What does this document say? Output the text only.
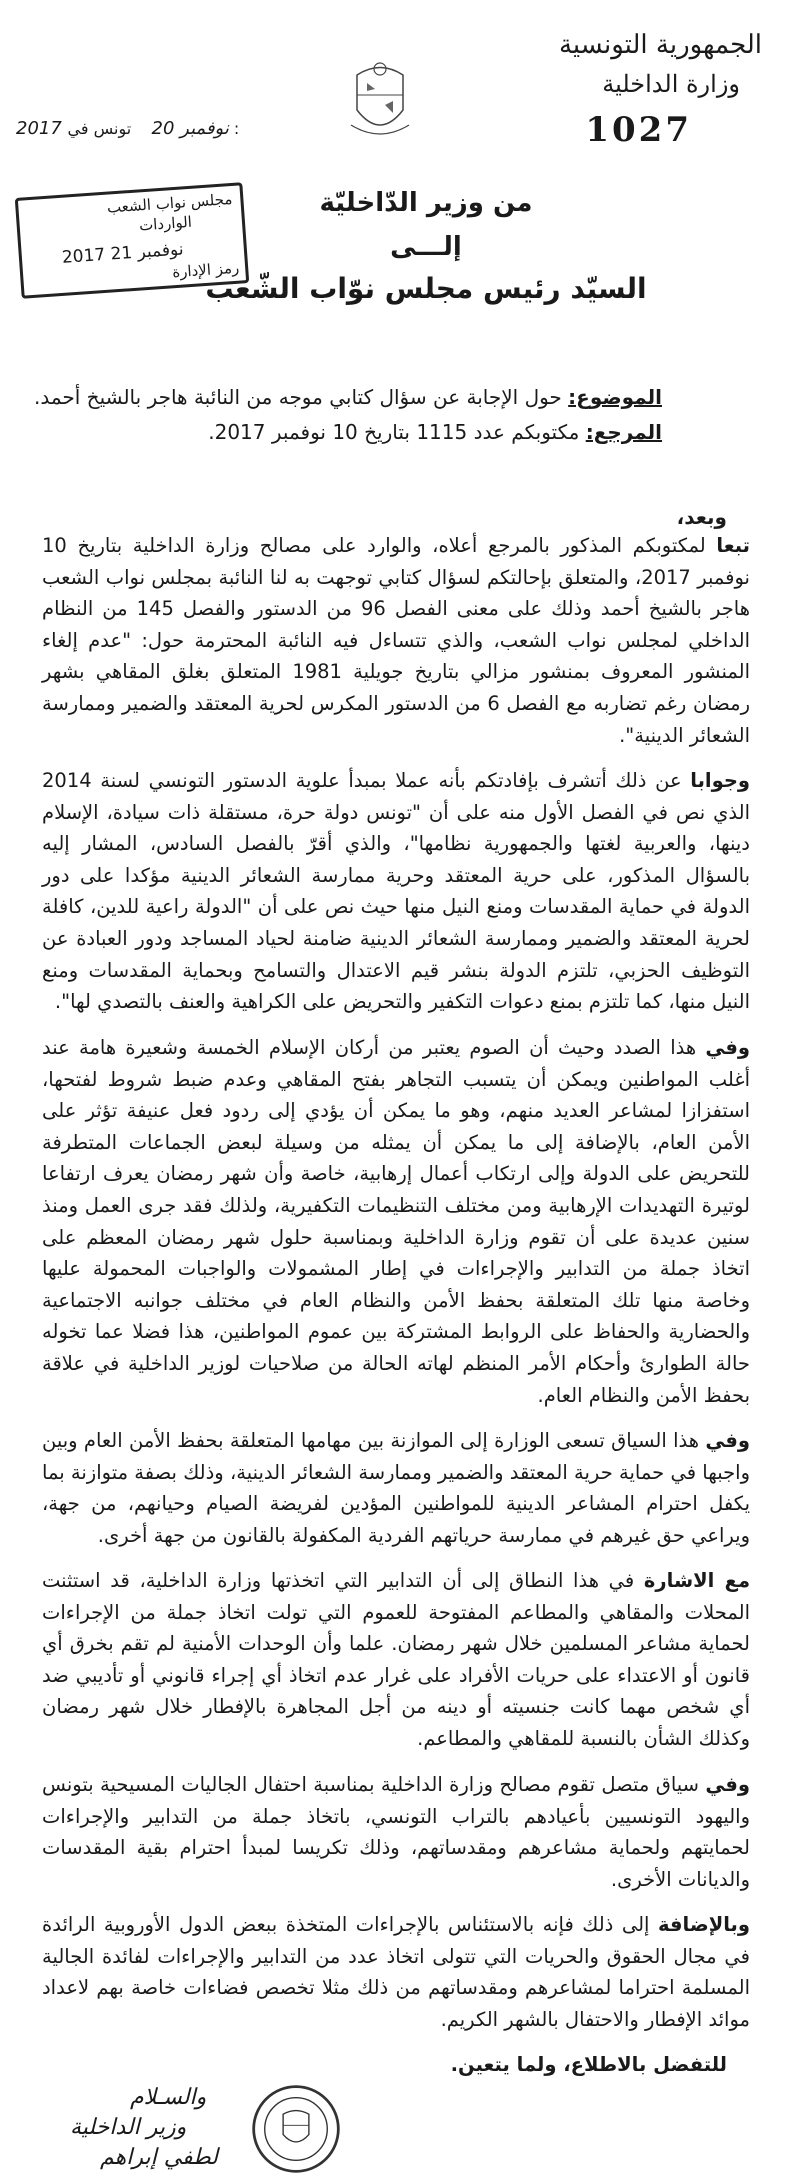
الجمهورية التونسية
وزارة الداخلية
1027
2017 نوفمبر 20    تونس في :
مجلس نواب الشعب
الواردات
2017 نوفمبر 21
رمز الإدارة
من وزير الدّاخليّة
إلـــى
السيّد رئيس مجلس نوّاب الشّعب
الموضوع: حول الإجابة عن سؤال كتابي موجه من النائبة هاجر بالشيخ أحمد.
المرجع: مكتوبكم عدد 1115 بتاريخ 10 نوفمبر 2017.
وبعد،
تبعا لمكتوبكم المذكور بالمرجع أعلاه، والوارد على مصالح وزارة الداخلية بتاريخ 10 نوفمبر 2017، والمتعلق بإحالتكم لسؤال كتابي توجهت به لنا النائبة بمجلس نواب الشعب هاجر بالشيخ أحمد وذلك على معنى الفصل 96 من الدستور والفصل 145 من النظام الداخلي لمجلس نواب الشعب، والذي تتساءل فيه النائبة المحترمة حول: "عدم إلغاء المنشور المعروف بمنشور مزالي بتاريخ جويلية 1981 المتعلق بغلق المقاهي بشهر رمضان رغم تضاربه مع الفصل 6 من الدستور المكرس لحرية المعتقد والضمير وممارسة الشعائر الدينية".
وجوابا عن ذلك أتشرف بإفادتكم بأنه عملا بمبدأ علوية الدستور التونسي لسنة 2014 الذي نص في الفصل الأول منه على أن "تونس دولة حرة، مستقلة ذات سيادة، الإسلام دينها، والعربية لغتها والجمهورية نظامها"، والذي أقرّ بالفصل السادس، المشار إليه بالسؤال المذكور، على حرية المعتقد وحرية ممارسة الشعائر الدينية مؤكدا على دور الدولة في حماية المقدسات ومنع النيل منها حيث نص على أن "الدولة راعية للدين، كافلة لحرية المعتقد والضمير وممارسة الشعائر الدينية ضامنة لحياد المساجد ودور العبادة عن التوظيف الحزبي، تلتزم الدولة بنشر قيم الاعتدال والتسامح وبحماية المقدسات ومنع النيل منها، كما تلتزم بمنع دعوات التكفير والتحريض على الكراهية والعنف بالتصدي لها".
وفي هذا الصدد وحيث أن الصوم يعتبر من أركان الإسلام الخمسة وشعيرة هامة عند أغلب المواطنين ويمكن أن يتسبب التجاهر بفتح المقاهي وعدم ضبط شروط لفتحها، استفزازا لمشاعر العديد منهم، وهو ما يمكن أن يؤدي إلى ردود فعل عنيفة تؤثر على الأمن العام، بالإضافة إلى ما يمكن أن يمثله من وسيلة لبعض الجماعات المتطرفة للتحريض على الدولة وإلى ارتكاب أعمال إرهابية، خاصة وأن شهر رمضان يعرف ارتفاعا لوتيرة التهديدات الإرهابية ومن مختلف التنظيمات التكفيرية، ولذلك فقد جرى العمل ومنذ سنين عديدة على أن تقوم وزارة الداخلية وبمناسبة حلول شهر رمضان المعظم على اتخاذ جملة من التدابير والإجراءات في إطار المشمولات والواجبات المحمولة عليها وخاصة منها تلك المتعلقة بحفظ الأمن والنظام العام في مختلف جوانبه الاجتماعية والحضارية والحفاظ على الروابط المشتركة بين عموم المواطنين، هذا فضلا عما تخوله حالة الطوارئ وأحكام الأمر المنظم لهاته الحالة من صلاحيات لوزير الداخلية في علاقة بحفظ الأمن والنظام العام.
وفي هذا السياق تسعى الوزارة إلى الموازنة بين مهامها المتعلقة بحفظ الأمن العام وبين واجبها في حماية حرية المعتقد والضمير وممارسة الشعائر الدينية، وذلك بصفة متوازنة بما يكفل احترام المشاعر الدينية للمواطنين المؤدين لفريضة الصيام وحيانهم، من جهة، ويراعي حق غيرهم في ممارسة حرياتهم الفردية المكفولة بالقانون من جهة أخرى.
مع الاشارة في هذا النطاق إلى أن التدابير التي اتخذتها وزارة الداخلية، قد استثنت المحلات والمقاهي والمطاعم المفتوحة للعموم التي تولت اتخاذ جملة من الإجراءات لحماية مشاعر المسلمين خلال شهر رمضان. علما وأن الوحدات الأمنية لم تقم بخرق أي قانون أو الاعتداء على حريات الأفراد على غرار عدم اتخاذ أي إجراء قانوني أو تأديبي ضد أي شخص مهما كانت جنسيته أو دينه من أجل المجاهرة بالإفطار خلال شهر رمضان وكذلك الشأن بالنسبة للمقاهي والمطاعم.
وفي سياق متصل تقوم مصالح وزارة الداخلية بمناسبة احتفال الجاليات المسيحية بتونس واليهود التونسيين بأعيادهم بالتراب التونسي، باتخاذ جملة من التدابير والإجراءات لحمايتهم ولحماية مشاعرهم ومقدساتهم، وذلك تكريسا لمبدأ احترام بقية المقدسات والديانات الأخرى.
وبالإضافة إلى ذلك فإنه بالاستئناس بالإجراءات المتخذة ببعض الدول الأوروبية الرائدة في مجال الحقوق والحريات التي تتولى اتخاذ عدد من التدابير والإجراءات لفائدة الجالية المسلمة احتراما لمشاعرهم ومقدساتهم من ذلك مثلا تخصص فضاءات خاصة بهم لاعداد موائد الإفطار والاحتفال بالشهر الكريم.
للتفضل بالاطلاع، ولما يتعين.
والسـلام
وزير الداخلية
لطفي إبراهم
